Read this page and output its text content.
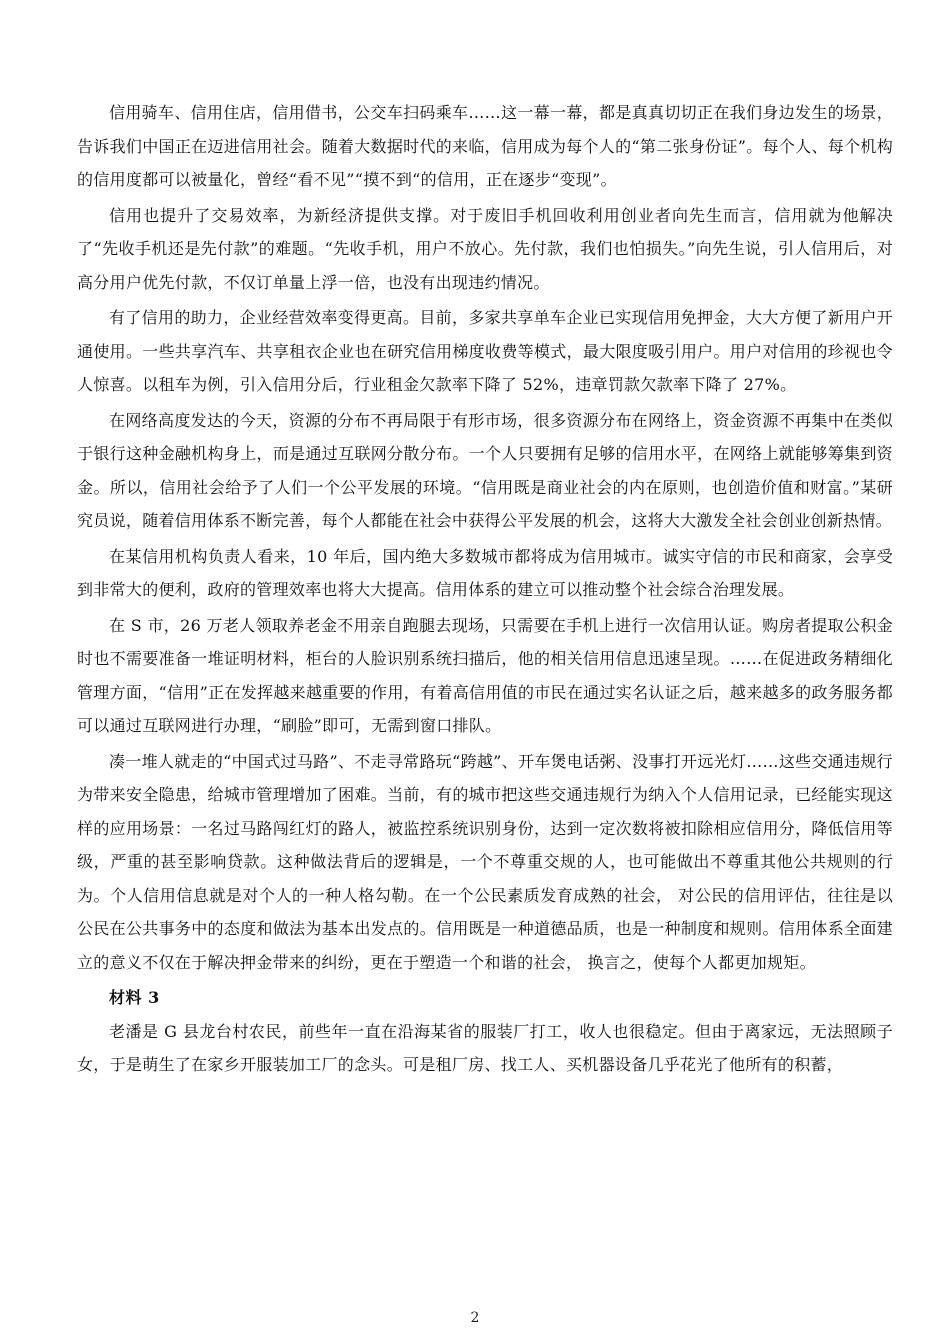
信用骑车、信用住店，信用借书，公交车扫码乘车……这一幕一幕，都是真真切切正在我们身边发生的场景，告诉我们中国正在迈进信用社会。随着大数据时代的来临，信用成为每个人的“第二张身份证”。每个人、每个机构的信用度都可以被量化，曾经“看不见”“摸不到“的信用，正在逐步“变现”。

信用也提升了交易效率，为新经济提供支撑。对于废旧手机回收利用创业者向先生而言，信用就为他解决了“先收手机还是先付款”的难题。“先收手机，用户不放心。先付款，我们也怕损失。”向先生说，引人信用后，对高分用户优先付款，不仅订单量上浮一倍，也没有出现违约情况。

有了信用的助力，企业经营效率变得更高。目前，多家共享单车企业已实现信用免押金，大大方便了新用户开通使用。一些共享汽车、共享租衣企业也在研究信用梯度收费等模式，最大限度吸引用户。用户对信用的珍视也令人惊喜。以租车为例，引入信用分后，行业租金欠款率下降了 52%，违章罚款欠款率下降了 27%。

在网络高度发达的今天，资源的分布不再局限于有形市场，很多资源分布在网络上，资金资源不再集中在类似于银行这种金融机构身上，而是通过互联网分散分布。一个人只要拥有足够的信用水平，在网络上就能够筹集到资金。所以，信用社会给予了人们一个公平发展的环境。“信用既是商业社会的内在原则，也创造价值和财富。”某研究员说，随着信用体系不断完善，每个人都能在社会中获得公平发展的机会，这将大大激发全社会创业创新热情。

在某信用机构负责人看来，10 年后，国内绝大多数城市都将成为信用城市。诚实守信的市民和商家，会享受到非常大的便利，政府的管理效率也将大大提高。信用体系的建立可以推动整个社会综合治理发展。

在 S 市，26 万老人领取养老金不用亲自跑腿去现场，只需要在手机上进行一次信用认证。购房者提取公积金时也不需要准备一堆证明材料，柜台的人脸识别系统扫描后，他的相关信用信息迅速呈现。……在促进政务精细化管理方面，“信用”正在发挥越来越重要的作用，有着高信用值的市民在通过实名认证之后，越来越多的政务服务都可以通过互联网进行办理，“刷脸”即可，无需到窗口排队。

凑一堆人就走的“中国式过马路”、不走寻常路玩“跨越”、开车煲电话粥、没事打开远光灯……这些交通违规行为带来安全隐患，给城市管理增加了困难。当前，有的城市把这些交通违规行为纳入个人信用记录，已经能实现这样的应用场景：一名过马路闯红灯的路人，被监控系统识别身份，达到一定次数将被扣除相应信用分，降低信用等级，严重的甚至影响贷款。这种做法背后的逻辑是，一个不尊重交规的人，也可能做出不尊重其他公共规则的行为。个人信用信息就是对个人的一种人格勾勒。在一个公民素质发育成熟的社会， 对公民的信用评估，往往是以公民在公共事务中的态度和做法为基本出发点的。信用既是一种道德品质，也是一种制度和规则。信用体系全面建立的意义不仅在于解决押金带来的纠纷，更在于塑造一个和谐的社会， 换言之，使每个人都更加规矩。

材料 3

老潘是 G 县龙台村农民，前些年一直在沿海某省的服装厂打工，收人也很稳定。但由于离家远，无法照顾子女，于是萌生了在家乡开服装加工厂的念头。可是租厂房、找工人、买机器设备几乎花光了他所有的积蓄，

2
